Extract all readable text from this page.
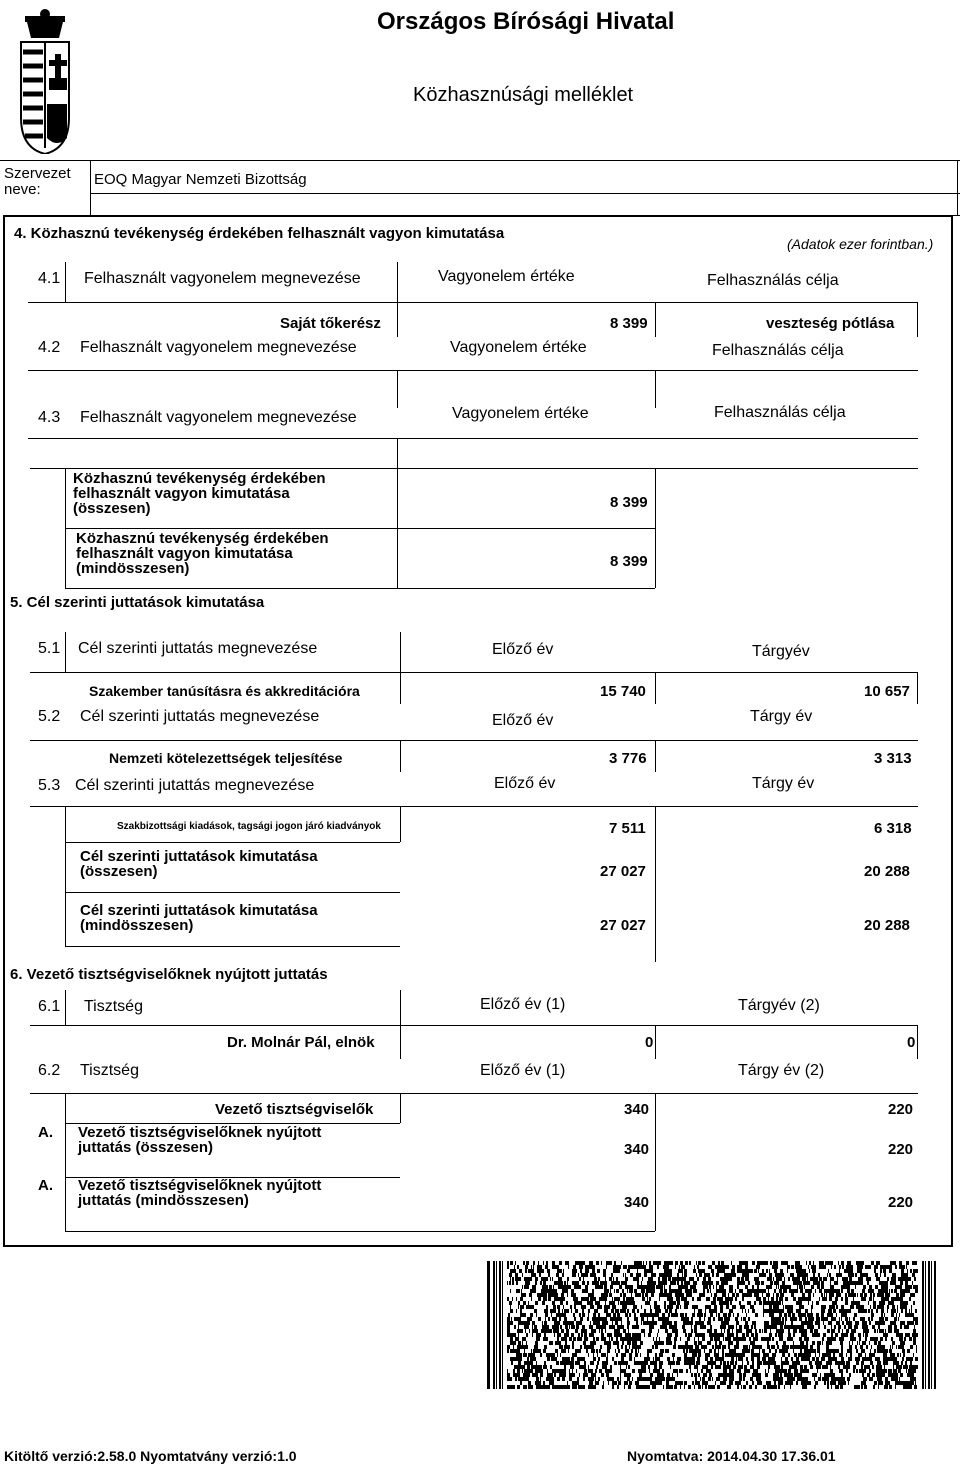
Országos Bírósági Hivatal
Közhasznúsági melléklet
Szervezet
neve:
EOQ Magyar Nemzeti Bizottság
4. Közhasznú tevékenység érdekében felhasznált vagyon kimutatása
(Adatok ezer forintban.)
4.1 Felhasznált vagyonelem megnevezése	Vagyonelem értéke	Felhasználás célja
Saját tőkerész	8 399	veszteség pótlása
4.2 Felhasznált vagyonelem megnevezése	Vagyonelem értéke	Felhasználás célja
4.3 Felhasznált vagyonelem megnevezése	Vagyonelem értéke	Felhasználás célja
Közhasznú tevékenység érdekében
felhasznált vagyon kimutatása
(összesen)	8 399
Közhasznú tevékenység érdekében
felhasznált vagyon kimutatása
(mindösszesen)	8 399
5. Cél szerinti juttatások kimutatása
5.1 Cél szerinti juttatás megnevezése	Előző év	Tárgyév
Szakember tanúsításra és akkreditációra	15 740	10 657
5.2 Cél szerinti juttatás megnevezése	Előző év	Tárgy év
Nemzeti kötelezettségek teljesítése	3 776	3 313
5.3 Cél szerinti jutattás megnevezése	Előző év	Tárgy év
Szakbizottsági kiadások, tagsági jogon járó kiadványok	7 511	6 318
Cél szerinti juttatások kimutatása
(összesen)	27 027	20 288
Cél szerinti juttatások kimutatása
(mindösszesen)	27 027	20 288
6. Vezető tisztségviselőknek nyújtott juttatás
6.1 Tisztség	Előző év (1)	Tárgyév (2)
Dr. Molnár Pál, elnök	0	0
6.2 Tisztség	Előző év (1)	Tárgy év (2)
Vezető tisztségviselők	340	220
A. Vezető tisztségviselőknek nyújtott
juttatás (összesen)	340	220
A. Vezető tisztségviselőknek nyújtott
juttatás (mindösszesen)	340	220
Kitöltő verzió:2.58.0 Nyomtatvány verzió:1.0	Nyomtatva: 2014.04.30 17.36.01
